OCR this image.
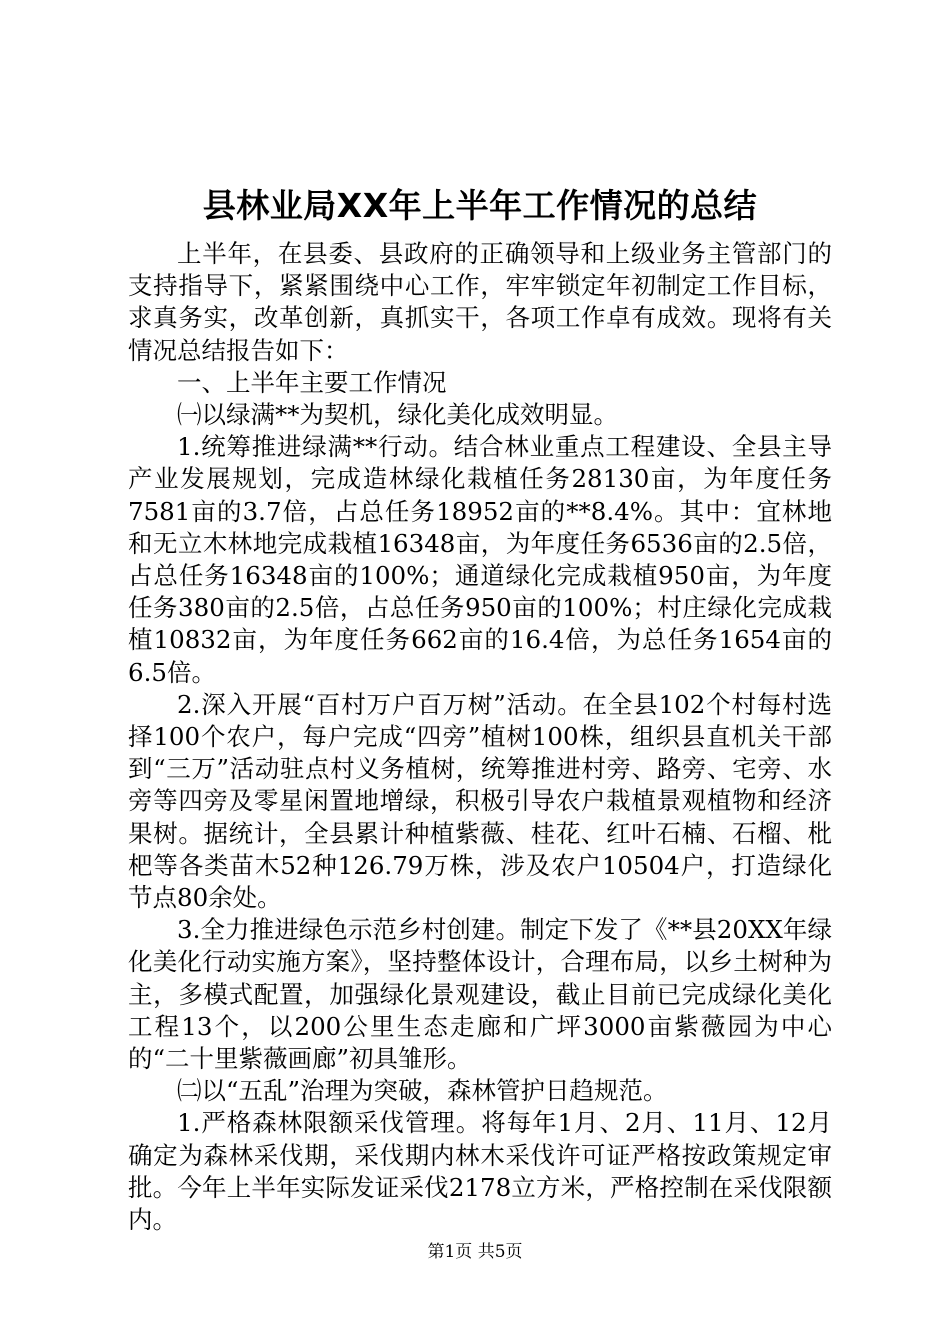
县林业局XX年上半年工作情况的总结

上半年，在县委、县政府的正确领导和上级业务主管部门的支持指导下，紧紧围绕中心工作，牢牢锁定年初制定工作目标，求真务实，改革创新，真抓实干，各项工作卓有成效。现将有关情况总结报告如下：

一、上半年主要工作情况

㈠以绿满**为契机，绿化美化成效明显。

1.统筹推进绿满**行动。结合林业重点工程建设、全县主导产业发展规划，完成造林绿化栽植任务28130亩，为年度任务7581亩的3.7倍，占总任务18952亩的**8.4%。其中：宜林地和无立木林地完成栽植16348亩，为年度任务6536亩的2.5倍，占总任务16348亩的100%；通道绿化完成栽植950亩，为年度任务380亩的2.5倍，占总任务950亩的100%；村庄绿化完成栽植10832亩，为年度任务662亩的16.4倍，为总任务1654亩的6.5倍。

2.深入开展“百村万户百万树”活动。在全县102个村每村选择100个农户，每户完成“四旁”植树100株，组织县直机关干部到“三万”活动驻点村义务植树，统筹推进村旁、路旁、宅旁、水旁等四旁及零星闲置地增绿，积极引导农户栽植景观植物和经济果树。据统计，全县累计种植紫薇、桂花、红叶石楠、石榴、枇杷等各类苗木52种126.79万株，涉及农户10504户，打造绿化节点80余处。

3.全力推进绿色示范乡村创建。制定下发了《**县20XX年绿化美化行动实施方案》，坚持整体设计，合理布局，以乡土树种为主，多模式配置，加强绿化景观建设，截止目前已完成绿化美化工程13个，以200公里生态走廊和广坪3000亩紫薇园为中心的“二十里紫薇画廊”初具雏形。

㈡以“五乱”治理为突破，森林管护日趋规范。

1.严格森林限额采伐管理。将每年1月、2月、11月、12月确定为森林采伐期，采伐期内林木采伐许可证严格按政策规定审批。今年上半年实际发证采伐2178立方米，严格控制在采伐限额内。

第1页 共5页
